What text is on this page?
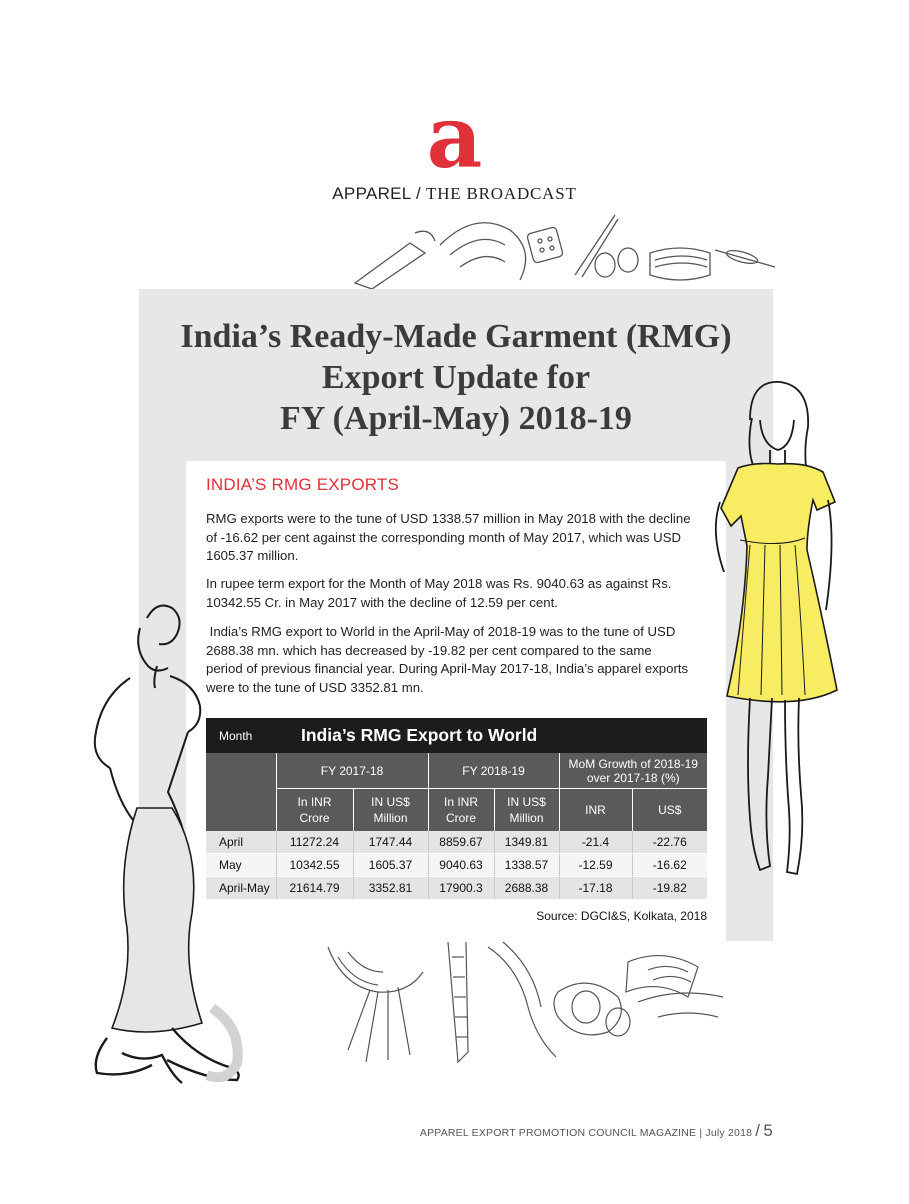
a
APPAREL / THE BROADCAST
India’s Ready-Made Garment (RMG)
Export Update for
FY (April-May) 2018-19
INDIA’S RMG EXPORTS

RMG exports were to the tune of USD 1338.57 million in May 2018 with the decline of -16.62 per cent against the corresponding month of May 2017, which was USD 1605.37 million.

In rupee term export for the Month of May 2018 was Rs. 9040.63 as against Rs. 10342.55 Cr. in May 2017 with the decline of 12.59 per cent.

India’s RMG export to World in the April-May of 2018-19 was to the tune of USD 2688.38 mn. which has decreased by -19.82 per cent compared to the same period of previous financial year. During April-May 2017-18, India’s apparel exports were to the tune of USD 3352.81 mn.

Month	India’s RMG Export to World					
	FY 2017-18		FY 2018-19		MoM Growth of 2018-19 over 2017-18 (%)	
	In INR Crore	IN US$ Million	In INR Crore	IN US$ Million	INR	US$
April	11272.24	1747.44	8859.67	1349.81	-21.4	-22.76
May	10342.55	1605.37	9040.63	1338.57	-12.59	-16.62
April-May	21614.79	3352.81	17900.3	2688.38	-17.18	-19.82
Source: DGCI&S, Kolkata, 2018
APPAREL EXPORT PROMOTION COUNCIL MAGAZINE | July 2018 / 5
